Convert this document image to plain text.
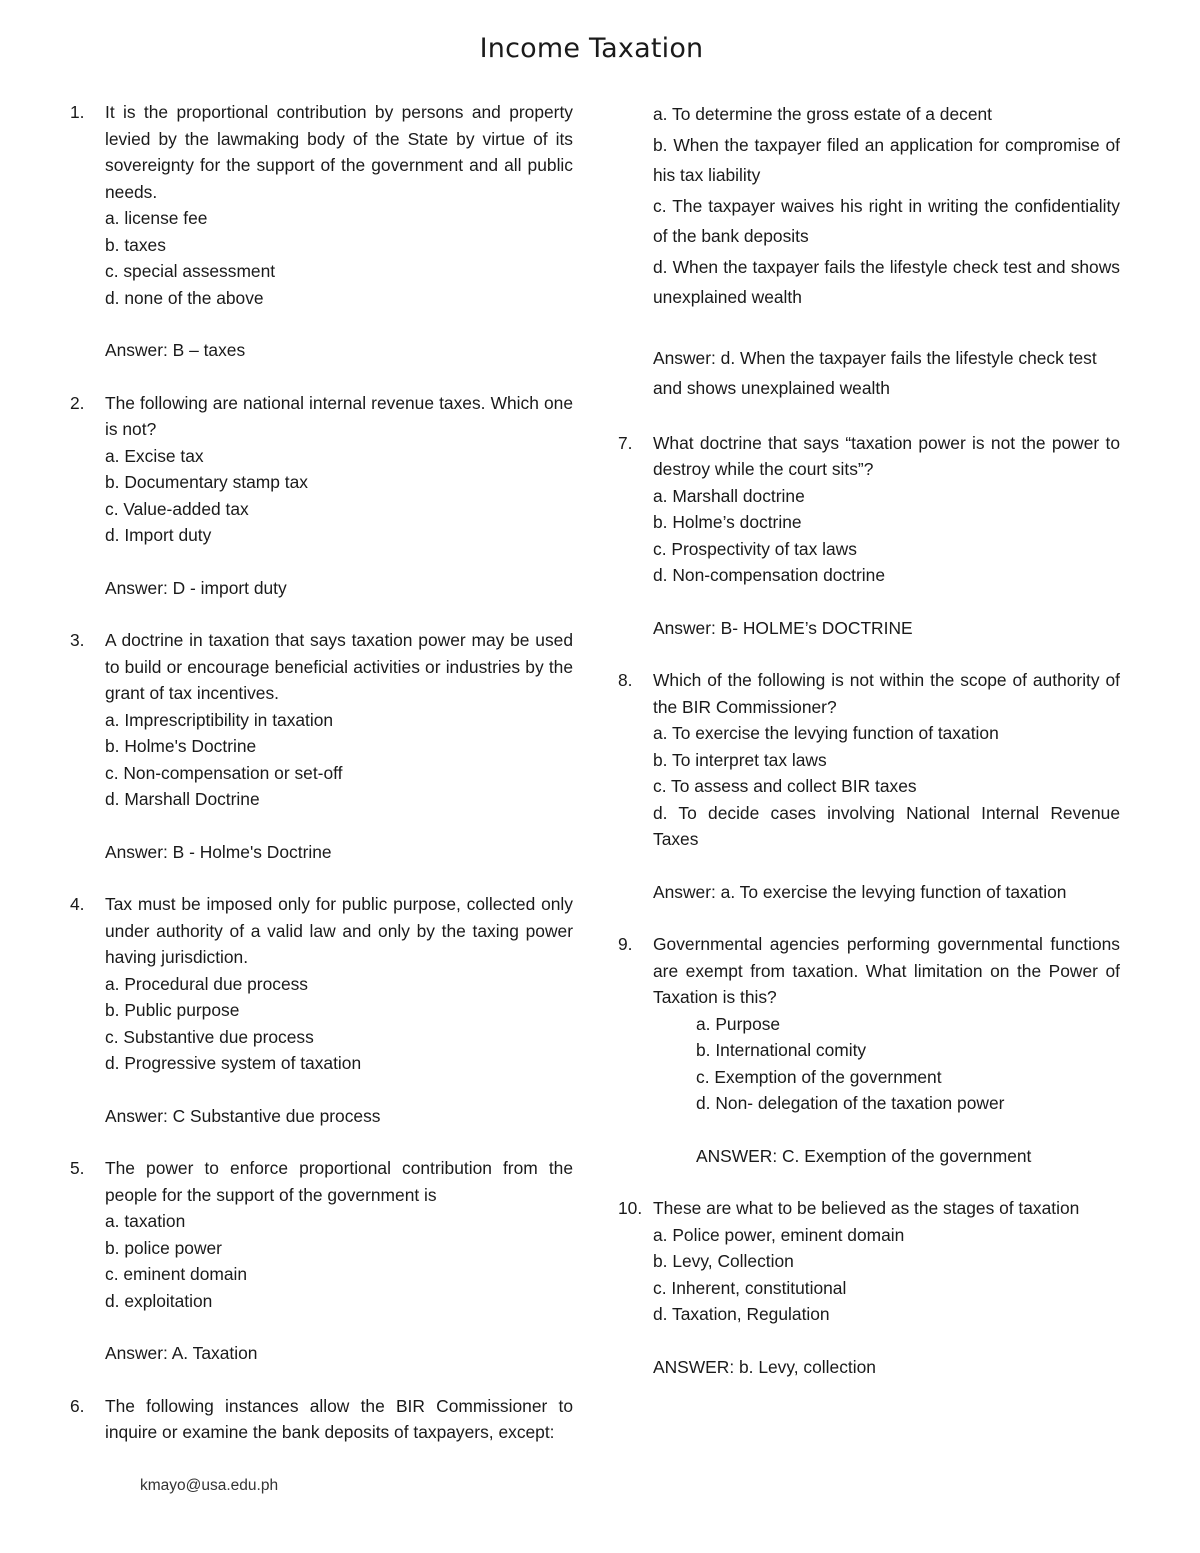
Income Taxation
1. It is the proportional contribution by persons and property levied by the lawmaking body of the State by virtue of its sovereignty for the support of the government and all public needs.
a. license fee
b. taxes
c. special assessment
d. none of the above
Answer: B – taxes
2. The following are national internal revenue taxes. Which one is not?
a. Excise tax
b. Documentary stamp tax
c. Value-added tax
d. Import duty
Answer: D - import duty
3. A doctrine in taxation that says taxation power may be used to build or encourage beneficial activities or industries by the grant of tax incentives.
a. Imprescriptibility in taxation
b. Holme's Doctrine
c. Non-compensation or set-off
d. Marshall Doctrine
Answer: B - Holme's Doctrine
4. Tax must be imposed only for public purpose, collected only under authority of a valid law and only by the taxing power having jurisdiction.
a. Procedural due process
b. Public purpose
c. Substantive due process
d. Progressive system of taxation
Answer: C Substantive due process
5. The power to enforce proportional contribution from the people for the support of the government is
a. taxation
b. police power
c. eminent domain
d. exploitation
Answer: A. Taxation
6. The following instances allow the BIR Commissioner to inquire or examine the bank deposits of taxpayers, except:
a. To determine the gross estate of a decent
b. When the taxpayer filed an application for compromise of his tax liability
c. The taxpayer waives his right in writing the confidentiality of the bank deposits
d. When the taxpayer fails the lifestyle check test and shows unexplained wealth
Answer: d. When the taxpayer fails the lifestyle check test and shows unexplained wealth
7. What doctrine that says “taxation power is not the power to destroy while the court sits”?
a. Marshall doctrine
b. Holme’s doctrine
c. Prospectivity of tax laws
d. Non-compensation doctrine
Answer: B- HOLME’s DOCTRINE
8. Which of the following is not within the scope of authority of the BIR Commissioner?
a. To exercise the levying function of taxation
b. To interpret tax laws
c. To assess and collect BIR taxes
d. To decide cases involving National Internal Revenue Taxes
Answer: a. To exercise the levying function of taxation
9. Governmental agencies performing governmental functions are exempt from taxation. What limitation on the Power of Taxation is this?
a. Purpose
b. International comity
c. Exemption of the government
d. Non- delegation of the taxation power
ANSWER: C. Exemption of the government
10. These are what to be believed as the stages of taxation
a. Police power, eminent domain
b. Levy, Collection
c. Inherent, constitutional
d. Taxation, Regulation
ANSWER: b. Levy, collection
kmayo@usa.edu.ph
